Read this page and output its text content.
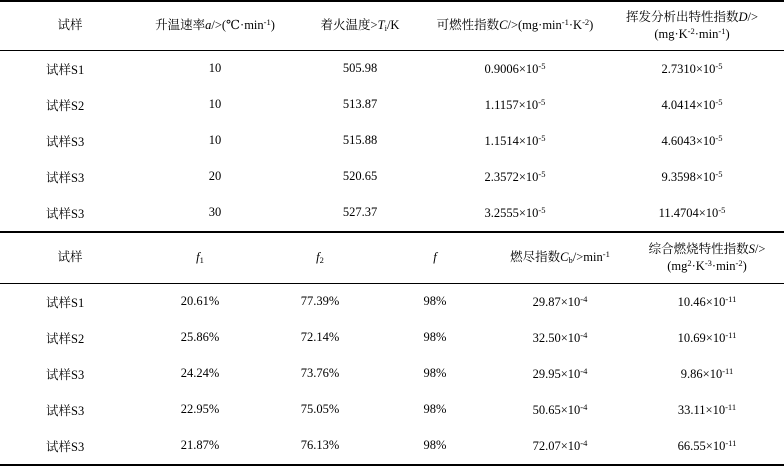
试样	升温速率$a/>(℃\cdot\min^{-1})$	着火温度$>T_i/K$	可燃性指数$C/>(mg\cdot\min^{-1}\cdot K^{-2})$	挥发分析出特性指数D/>
$(mg\cdot K^{-2}\cdot\min^{-1})$

试样S1	10	505.98	$0.9006\times 10^{-5}$	$2.7310\times 10^{-5}$
试样S2	10	513.87	$1.1157\times 10^{-5}$	$4.0414\times 10^{-5}$
试样S3	10	515.88	$1.1514\times 10^{-5}$	$4.6043\times 10^{-5}$
试样S3	20	520.65	$2.3572\times 10^{-5}$	$9.3598\times 10^{-5}$
试样S3	30	527.37	$3.2555\times 10^{-5}$	$11.4704\times 10^{-5}$
试样	$f_1$	$f_2$	f	燃尽指数$C_b/>\min^{-1}$	综合燃烧特性指数S/>
$(mg^2\cdot K^{-3}\cdot\min^{-2})$

试样S1	20.61%	77.39%	98%	$29.87\times 10^{-4}$	$10.46\times 10^{-11}$
试样S2	25.86%	72.14%	98%	$32.50\times 10^{-4}$	$10.69\times 10^{-11}$
试样S3	24.24%	73.76%	98%	$29.95\times 10^{-4}$	$9.86\times 10^{-11}$
试样S3	22.95%	75.05%	98%	$50.65\times 10^{-4}$	$33.11\times 10^{-11}$
试样S3	21.87%	76.13%	98%	$72.07\times 10^{-4}$	$66.55\times 10^{-11}$
